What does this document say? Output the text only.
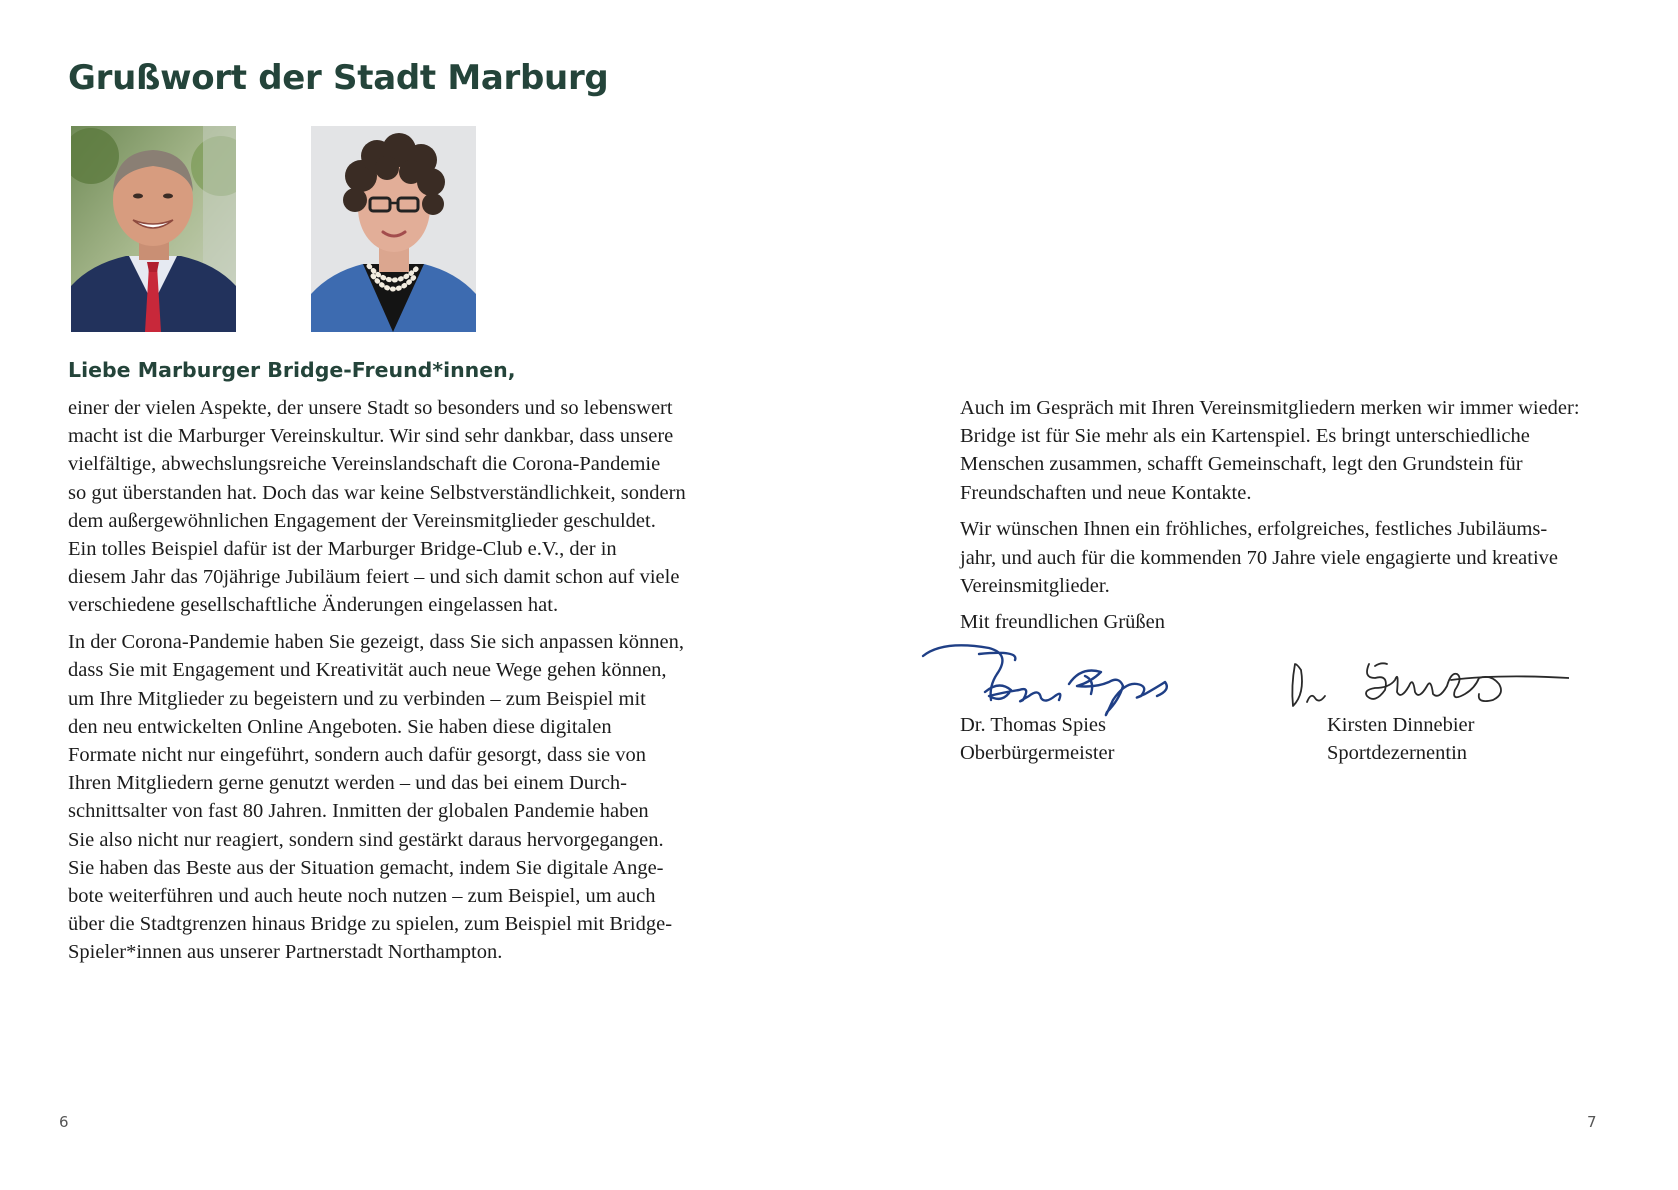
Grußwort der Stadt Marburg

Liebe Marburger Bridge-Freund*innen,

einer der vielen Aspekte, der unsere Stadt so besonders und so lebenswert
macht ist die Marburger Vereinskultur. Wir sind sehr dankbar, dass unsere
vielfältige, abwechslungsreiche Vereinslandschaft die Corona-Pandemie
so gut überstanden hat. Doch das war keine Selbstverständlichkeit, sondern
dem außergewöhnlichen Engagement der Vereinsmitglieder geschuldet.
Ein tolles Beispiel dafür ist der Marburger Bridge-Club e.V., der in
diesem Jahr das 70jährige Jubiläum feiert – und sich damit schon auf viele
verschiedene gesellschaftliche Änderungen eingelassen hat.

In der Corona-Pandemie haben Sie gezeigt, dass Sie sich anpassen können,
dass Sie mit Engagement und Kreativität auch neue Wege gehen können,
um Ihre Mitglieder zu begeistern und zu verbinden – zum Beispiel mit
den neu entwickelten Online Angeboten. Sie haben diese digitalen
Formate nicht nur eingeführt, sondern auch dafür gesorgt, dass sie von
Ihren Mitgliedern gerne genutzt werden – und das bei einem Durch-
schnittsalter von fast 80 Jahren. Inmitten der globalen Pandemie haben
Sie also nicht nur reagiert, sondern sind gestärkt daraus hervorgegangen.
Sie haben das Beste aus der Situation gemacht, indem Sie digitale Ange-
bote weiterführen und auch heute noch nutzen – zum Beispiel, um auch
über die Stadtgrenzen hinaus Bridge zu spielen, zum Beispiel mit Bridge-
Spieler*innen aus unserer Partnerstadt Northampton.

6

Auch im Gespräch mit Ihren Vereinsmitgliedern merken wir immer wieder:
Bridge ist für Sie mehr als ein Kartenspiel. Es bringt unterschiedliche
Menschen zusammen, schafft Gemeinschaft, legt den Grundstein für
Freundschaften und neue Kontakte.

Wir wünschen Ihnen ein fröhliches, erfolgreiches, festliches Jubiläums-
jahr, und auch für die kommenden 70 Jahre viele engagierte und kreative
Vereinsmitglieder.

Mit freundlichen Grüßen

Dr. Thomas Spies
Oberbürgermeister
Kirsten Dinnebier
Sportdezernentin
7
